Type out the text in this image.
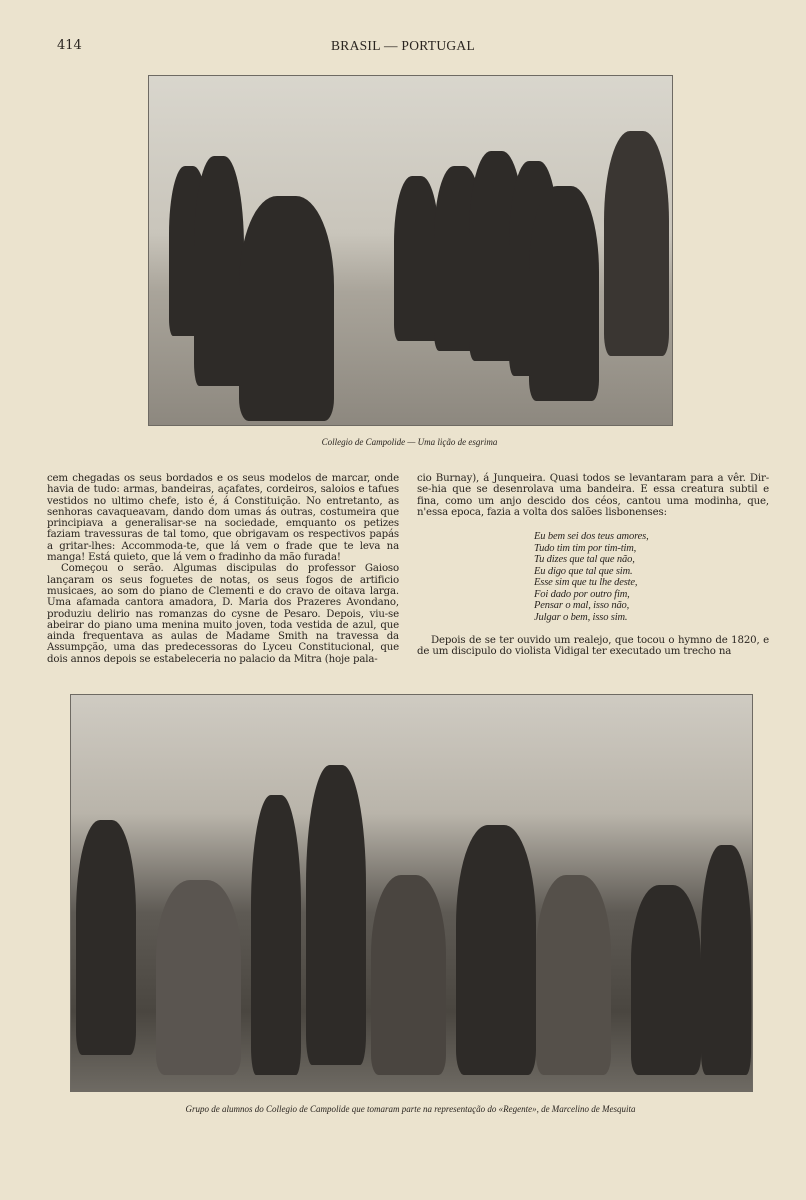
414	BRASIL — PORTUGAL
Collegio de Campolide — Uma lição de esgrima

cem chegadas os seus bordados e os seus modelos de marcar, onde havia de tudo: armas, bandeiras, açafates, cordeiros, saloios e tafues vestidos no ultimo chefe, isto é, á Constituição. No entretanto, as senhoras cavaqueavam, dando dom umas ás outras, costumeira que principiava a generalisar-se na sociedade, emquanto os petizes faziam travessuras de tal tomo, que obrigavam os respectivos papás a gritar-lhes: Accommoda-te, que lá vem o frade que te leva na manga! Está quieto, que lá vem o fradinho da mão furada!

Começou o serão. Algumas discipulas do professor Gaioso lançaram os seus foguetes de notas, os seus fogos de artificio musicaes, ao som do piano de Clementi e do cravo de oitava larga. Uma afamada cantora amadora, D. Maria dos Prazeres Avondano, produziu delirio nas romanzas do cysne de Pesaro. Depois, viu-se abeirar do piano uma menina muito joven, toda vestida de azul, que ainda frequentava as aulas de Madame Smith na travessa da Assumpção, uma das predecessoras do Lyceu Constitucional, que dois annos depois se estabeleceria no palacio da Mitra (hoje pala-

cio Burnay), á Junqueira. Quasi todos se levantaram para a vêr. Dir-se-hia que se desenrolava uma bandeira. E essa creatura subtil e fina, como um anjo descido dos céos, cantou uma modinha, que, n'essa epoca, fazia a volta dos salões lisbonenses:

Eu bem sei dos teus amores,
Tudo tim tim por tim-tim,
Tu dizes que tal que não,
Eu digo que tal que sim.
Esse sim que tu lhe deste,
Foi dado por outro fim,
Pensar o mal, isso não,
Julgar o bem, isso sim.

Depois de se ter ouvido um realejo, que tocou o hymno de 1820, e de um discipulo do violista Vidigal ter executado um trecho na

Grupo de alumnos do Collegio de Campolide que tomaram parte na representação do «Regente», de Marcelino de Mesquita
